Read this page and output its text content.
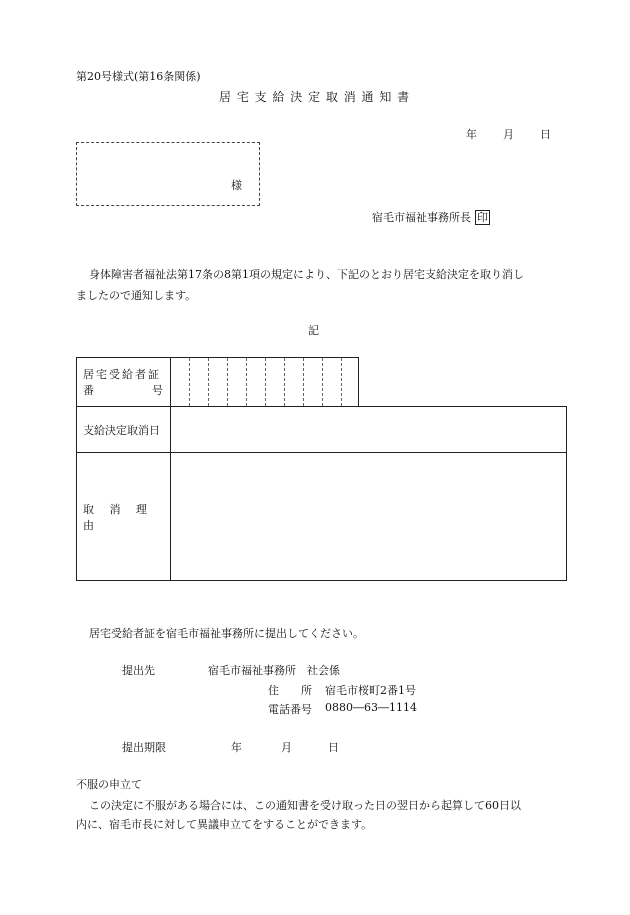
第20号様式(第16条関係)
居 宅 支 給 決 定 取 消 通 知 書
年 月 日
様
宿毛市福祉事務所長 印
身体障害者福祉法第17条の8第1項の規定により、下記のとおり居宅支給決定を取り消し
ましたので通知します。
記
居宅受給者証
番 号		

支給決定取消日		
取 消 理 由		
居宅受給者証を宿毛市福祉事務所に提出してください。
提出先	宿毛市福祉事務所　社会係
住　　所 宿毛市桜町2番1号
電話番号 0880―63―1114
提出期限	年	月	日
不服の申立て
この決定に不服がある場合には、この通知書を受け取った日の翌日から起算して60日以
内に、宿毛市長に対して異議申立てをすることができます。
